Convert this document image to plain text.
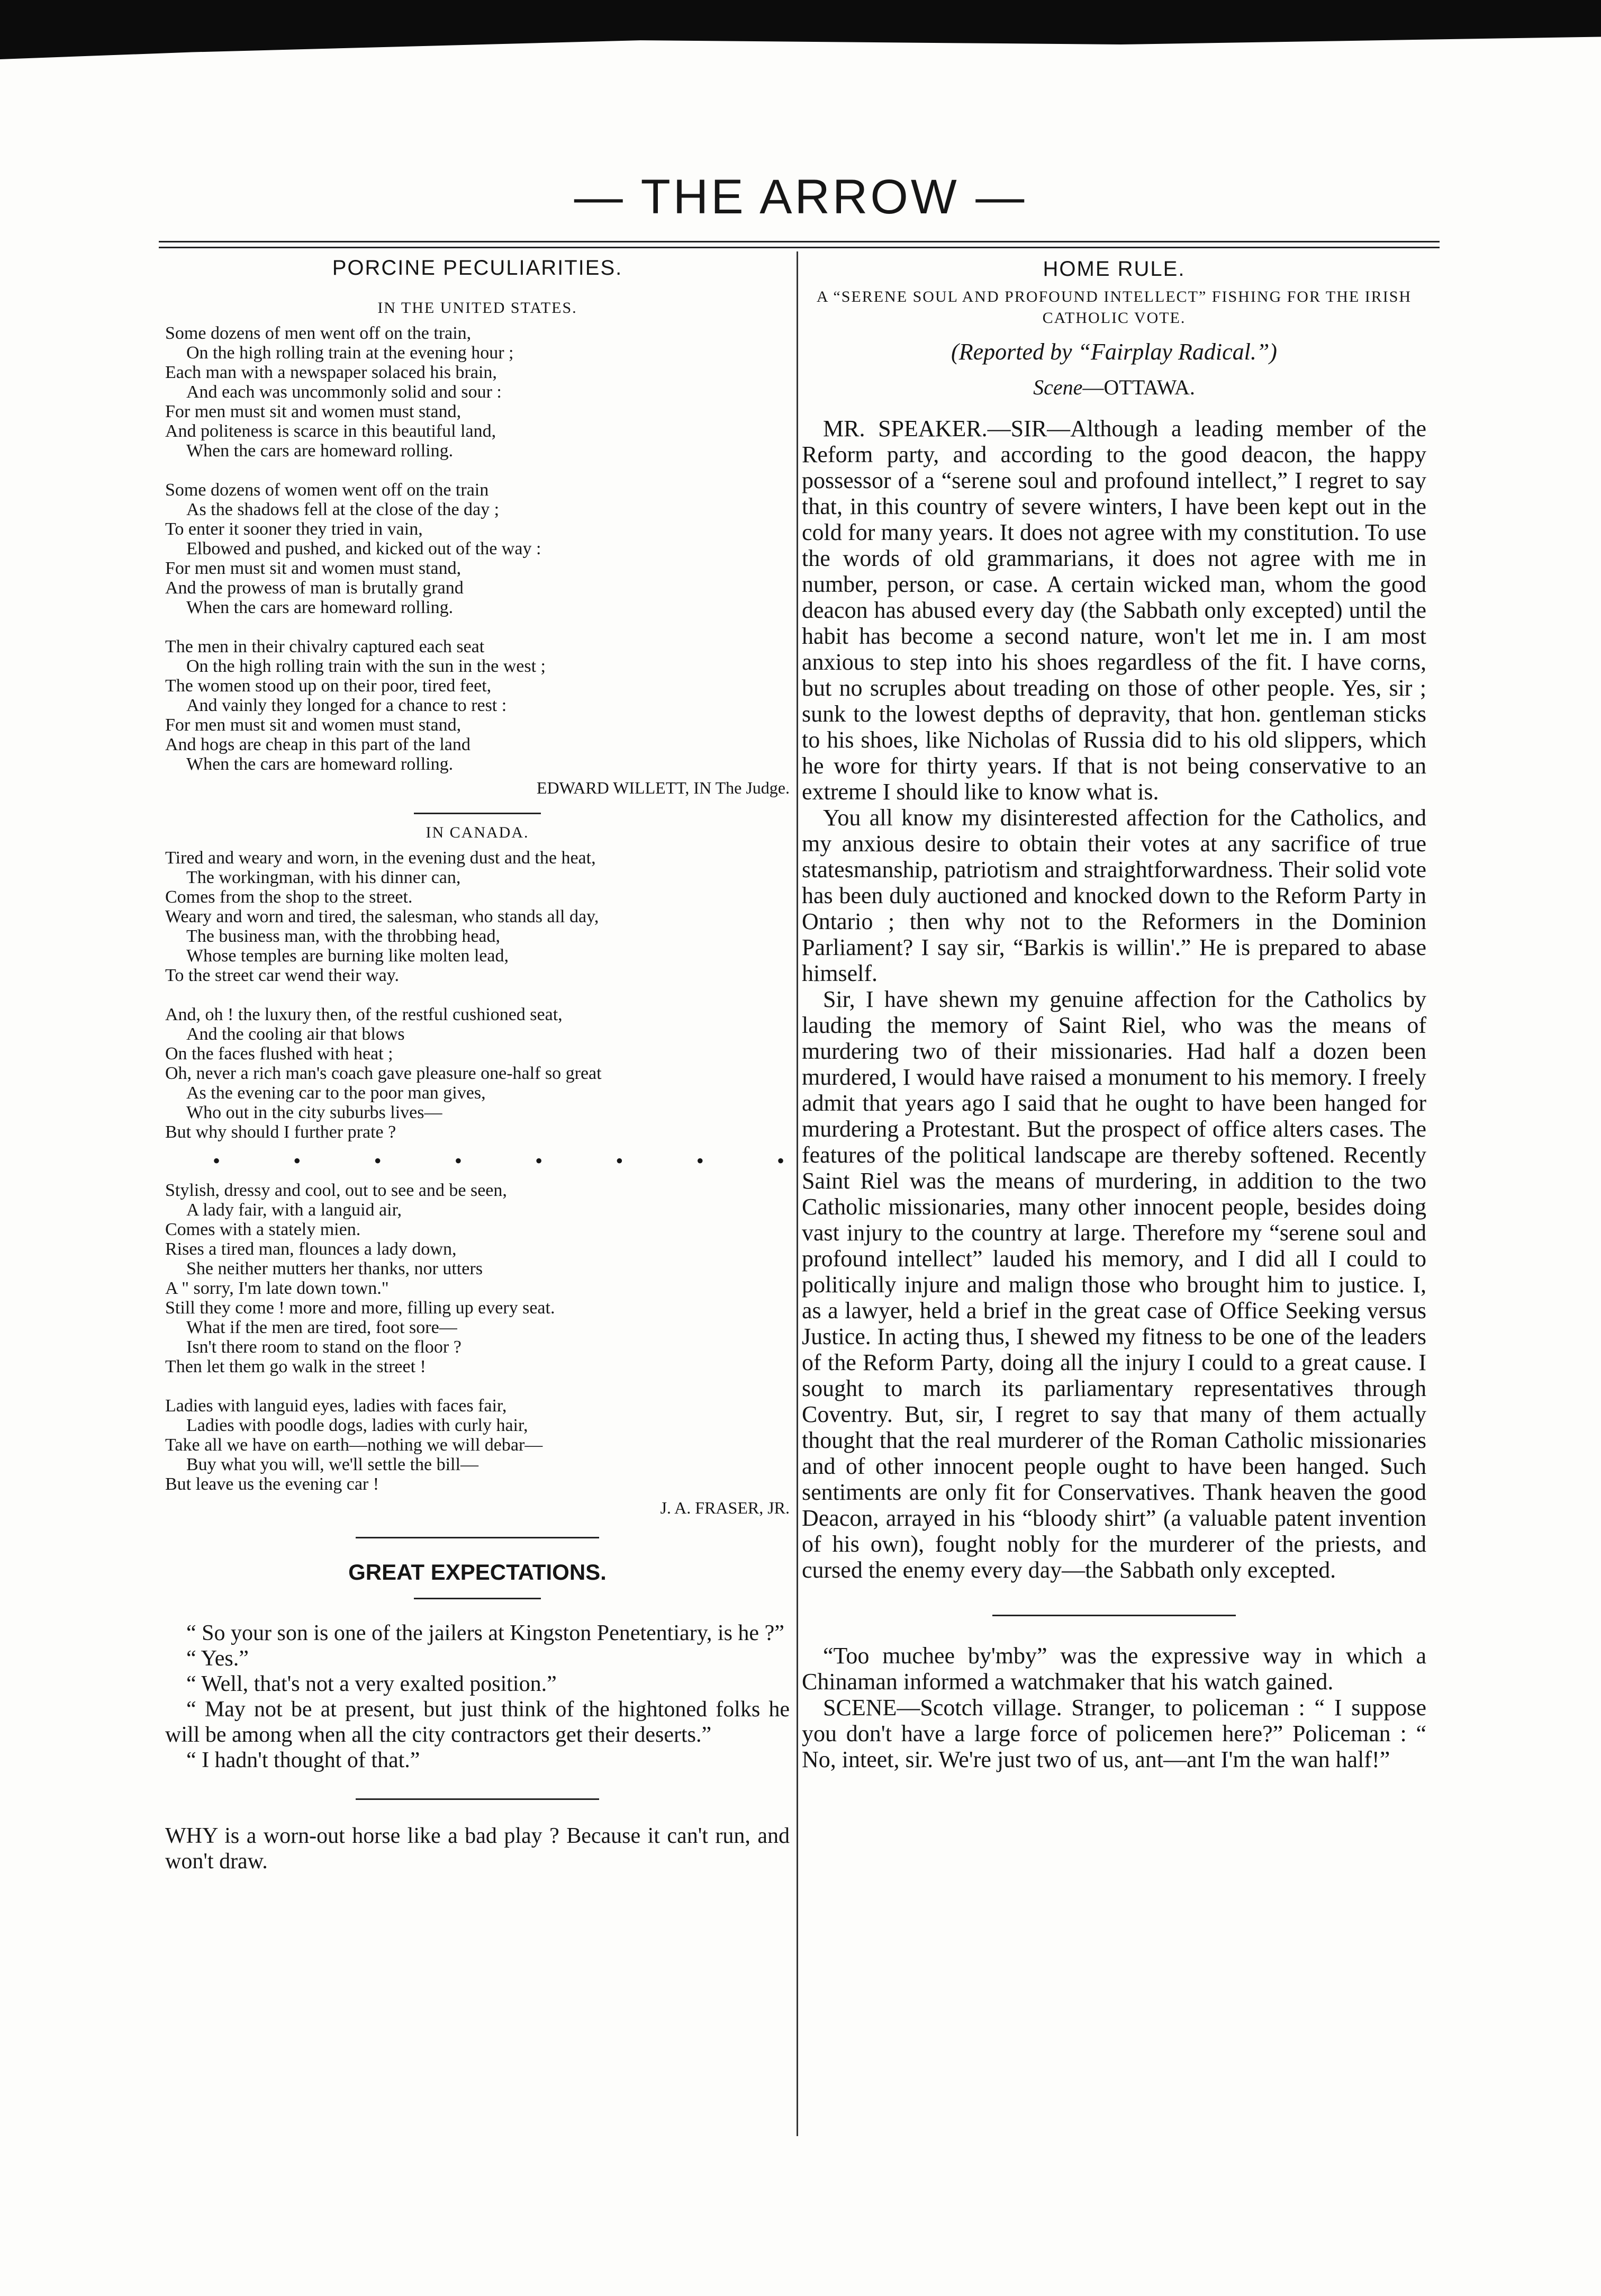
— THE ARROW —
PORCINE PECULIARITIES.
IN THE UNITED STATES.

Some dozens of men went off on the train,

On the high rolling train at the evening hour ;

Each man with a newspaper solaced his brain,

And each was uncommonly solid and sour :

For men must sit and women must stand,

And politeness is scarce in this beautiful land,

When the cars are homeward rolling.

Some dozens of women went off on the train

As the shadows fell at the close of the day ;

To enter it sooner they tried in vain,

Elbowed and pushed, and kicked out of the way :

For men must sit and women must stand,

And the prowess of man is brutally grand

When the cars are homeward rolling.

The men in their chivalry captured each seat

On the high rolling train with the sun in the west ;

The women stood up on their poor, tired feet,

And vainly they longed for a chance to rest :

For men must sit and women must stand,

And hogs are cheap in this part of the land

When the cars are homeward rolling.

EDWARD WILLETT, IN The Judge.
IN CANADA.

Tired and weary and worn, in the evening dust and the heat,

The workingman, with his dinner can,

Comes from the shop to the street.

Weary and worn and tired, the salesman, who stands all day,

The business man, with the throbbing head,

Whose temples are burning like molten lead,

To the street car wend their way.

And, oh ! the luxury then, of the restful cushioned seat,

And the cooling air that blows

On the faces flushed with heat ;

Oh, never a rich man's coach gave pleasure one-half so great

As the evening car to the poor man gives,

Who out in the city suburbs lives—

But why should I further prate ?

•	•	•	•	•	•	•	•

Stylish, dressy and cool, out to see and be seen,

A lady fair, with a languid air,

Comes with a stately mien.

Rises a tired man, flounces a lady down,

She neither mutters her thanks, nor utters

A " sorry, I'm late down town."

Still they come ! more and more, filling up every seat.

What if the men are tired, foot sore—

Isn't there room to stand on the floor ?

Then let them go walk in the street !

Ladies with languid eyes, ladies with faces fair,

Ladies with poodle dogs, ladies with curly hair,

Take all we have on earth—nothing we will debar—

Buy what you will, we'll settle the bill—

But leave us the evening car !

J. A. FRASER, JR.
GREAT EXPECTATIONS.

“ So your son is one of the jailers at Kingston Penetentiary, is he ?”

“ Yes.”

“ Well, that's not a very exalted position.”

“ May not be at present, but just think of the hightoned folks he will be among when all the city contractors get their deserts.”

“ I hadn't thought of that.”

WHY is a worn-out horse like a bad play ? Because it can't run, and won't draw.

HOME RULE.
A “SERENE SOUL AND PROFOUND INTELLECT” FISHING FOR THE IRISH CATHOLIC VOTE.
(Reported by “Fairplay Radical.”)
Scene—OTTAWA.

MR. SPEAKER.—SIR—Although a leading member of the Reform party, and according to the good deacon, the happy possessor of a “serene soul and profound intellect,” I regret to say that, in this country of severe winters, I have been kept out in the cold for many years. It does not agree with my constitution. To use the words of old grammarians, it does not agree with me in number, person, or case. A certain wicked man, whom the good deacon has abused every day (the Sabbath only excepted) until the habit has become a second nature, won't let me in. I am most anxious to step into his shoes regardless of the fit. I have corns, but no scruples about treading on those of other people. Yes, sir ; sunk to the lowest depths of depravity, that hon. gentleman sticks to his shoes, like Nicholas of Russia did to his old slippers, which he wore for thirty years. If that is not being conservative to an extreme I should like to know what is.

You all know my disinterested affection for the Catholics, and my anxious desire to obtain their votes at any sacrifice of true statesmanship, patriotism and straightforwardness. Their solid vote has been duly auctioned and knocked down to the Reform Party in Ontario ; then why not to the Reformers in the Dominion Parliament? I say sir, “Barkis is willin'.” He is prepared to abase himself.

Sir, I have shewn my genuine affection for the Catholics by lauding the memory of Saint Riel, who was the means of murdering two of their missionaries. Had half a dozen been murdered, I would have raised a monument to his memory. I freely admit that years ago I said that he ought to have been hanged for murdering a Protestant. But the prospect of office alters cases. The features of the political landscape are thereby softened. Recently Saint Riel was the means of murdering, in addition to the two Catholic missionaries, many other innocent people, besides doing vast injury to the country at large. Therefore my “serene soul and profound intellect” lauded his memory, and I did all I could to politically injure and malign those who brought him to justice. I, as a lawyer, held a brief in the great case of Office Seeking versus Justice. In acting thus, I shewed my fitness to be one of the leaders of the Reform Party, doing all the injury I could to a great cause. I sought to march its parliamentary representatives through Coventry. But, sir, I regret to say that many of them actually thought that the real murderer of the Roman Catholic missionaries and of other innocent people ought to have been hanged. Such sentiments are only fit for Conservatives. Thank heaven the good Deacon, arrayed in his “bloody shirt” (a valuable patent invention of his own), fought nobly for the murderer of the priests, and cursed the enemy every day—the Sabbath only excepted.

“Too muchee by'mby” was the expressive way in which a Chinaman informed a watchmaker that his watch gained.

SCENE—Scotch village. Stranger, to policeman : “ I suppose you don't have a large force of policemen here?” Policeman : “ No, inteet, sir. We're just two of us, ant—ant I'm the wan half!”
